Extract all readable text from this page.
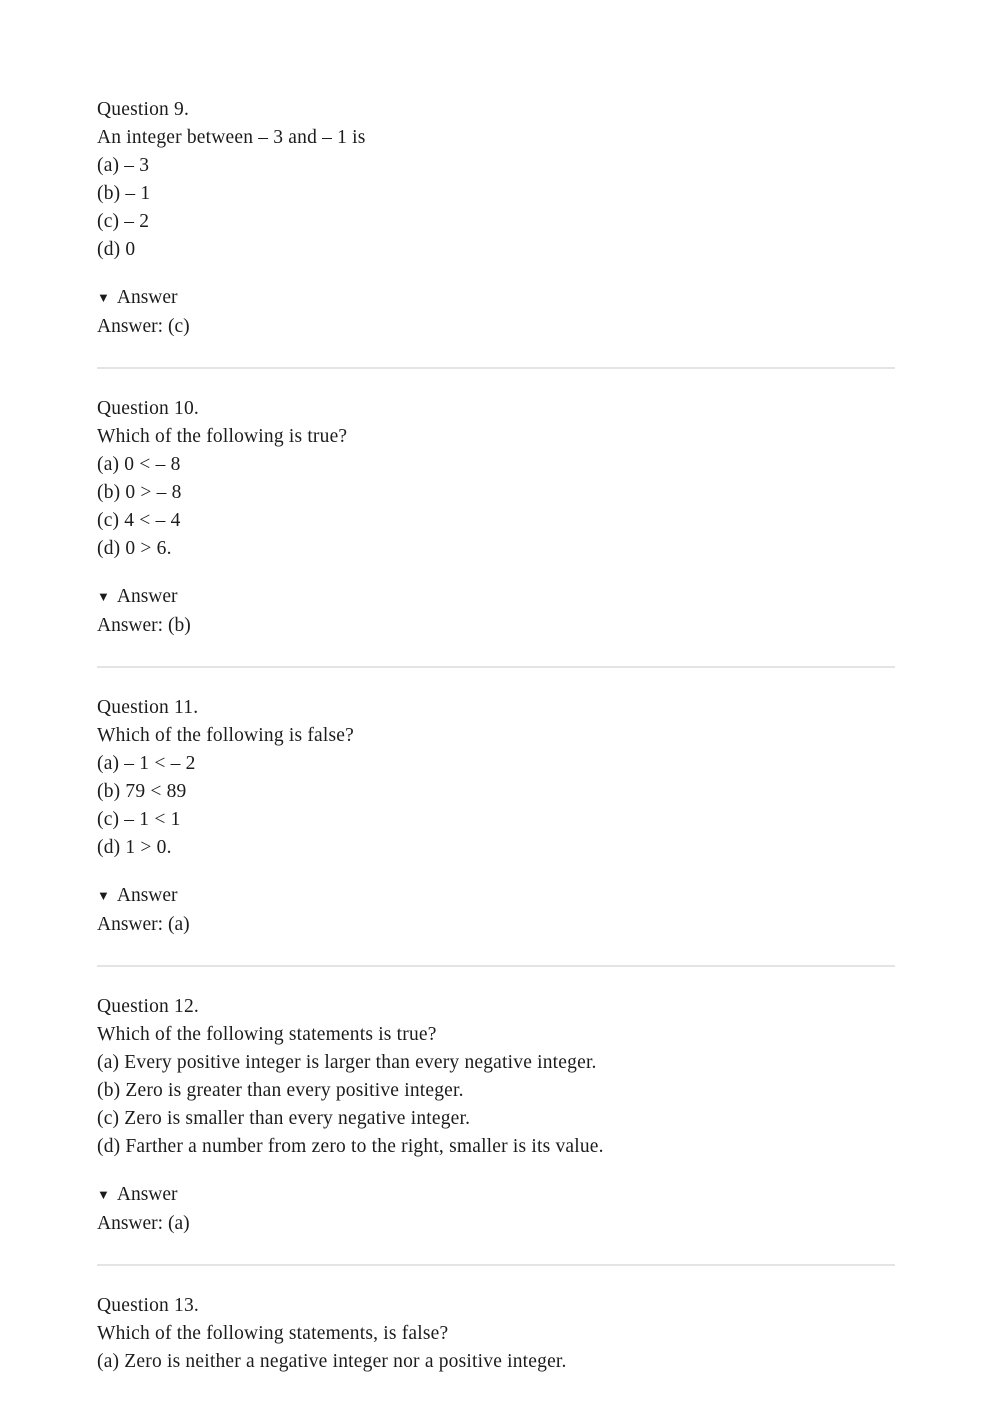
Question 9.
An integer between – 3 and – 1 is
(a) – 3
(b) – 1
(c) – 2
(d) 0
▼ Answer
Answer: (c)
Question 10.
Which of the following is true?
(a) 0 < – 8
(b) 0 > – 8
(c) 4 < – 4
(d) 0 > 6.
▼ Answer
Answer: (b)
Question 11.
Which of the following is false?
(a) – 1 < – 2
(b) 79 < 89
(c) – 1 < 1
(d) 1 > 0.
▼ Answer
Answer: (a)
Question 12.
Which of the following statements is true?
(a) Every positive integer is larger than every negative integer.
(b) Zero is greater than every positive integer.
(c) Zero is smaller than every negative integer.
(d) Farther a number from zero to the right, smaller is its value.
▼ Answer
Answer: (a)
Question 13.
Which of the following statements, is false?
(a) Zero is neither a negative integer nor a positive integer.
